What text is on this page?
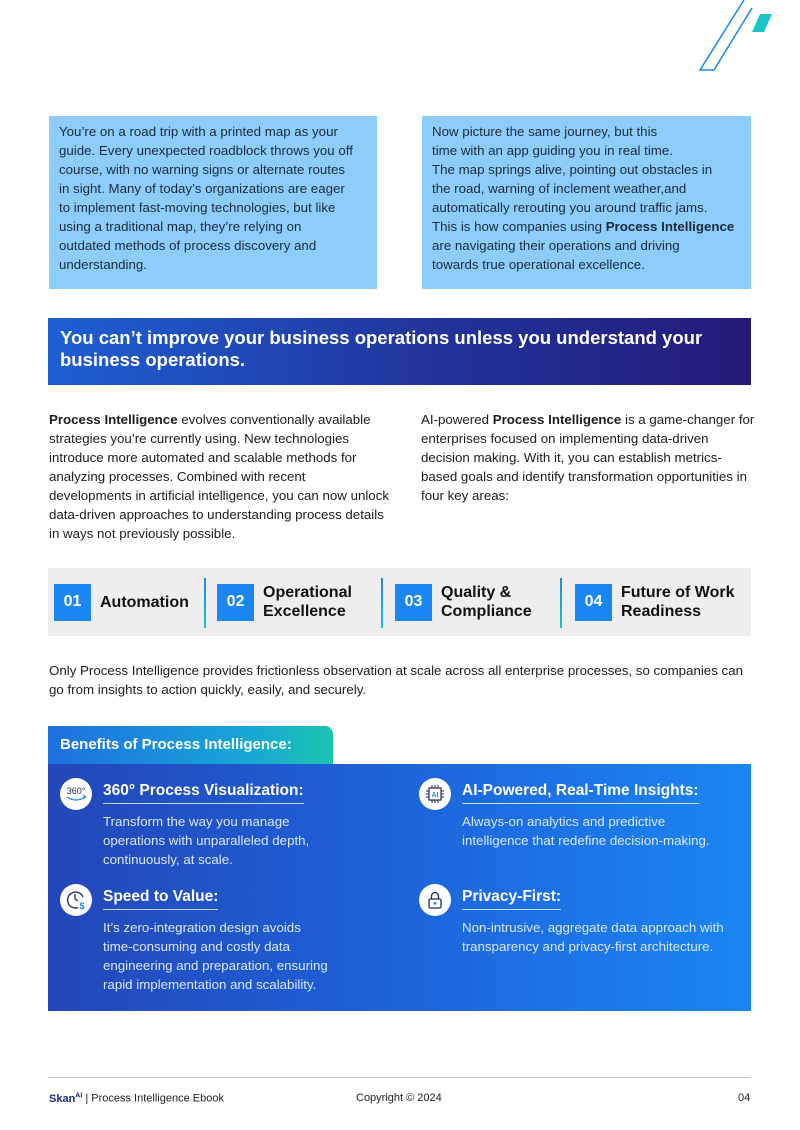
You’re on a road trip with a printed map as your
guide. Every unexpected roadblock throws you off
course, with no warning signs or alternate routes
in sight. Many of today’s organizations are eager
to implement fast-moving technologies, but like
using a traditional map, they’re relying on
outdated methods of process discovery and
understanding.

Now picture the same journey, but this
time with an app guiding you in real time.
The map springs alive, pointing out obstacles in
the road, warning of inclement weather,and
automatically rerouting you around traffic jams.
This is how companies using Process Intelligence
are navigating their operations and driving
towards true operational excellence.

You can’t improve your business operations unless you understand your business operations.
Process Intelligence evolves conventionally available strategies you’re currently using. New technologies introduce more automated and scalable methods for analyzing processes. Combined with recent developments in artificial intelligence, you can now unlock data-driven approaches to understanding process details in ways not previously possible.
AI-powered Process Intelligence is a game-changer for enterprises focused on implementing data-driven decision making. With it, you can establish metrics-based goals and identify transformation opportunities in four key areas:
01	Automation	02
Operational
Excellence
03
Quality &
Compliance
04
Future of Work
Readiness

Only Process Intelligence provides frictionless observation at scale across all enterprise processes, so companies can go from insights to action quickly, easily, and securely.

Benefits of Process Intelligence:
360° 360° Process Visualization:
Transform the way you manage
operations with unparalleled depth,
continuously, at scale.
AI AI-Powered, Real-Time Insights:
Always-on analytics and predictive
intelligence that redefine decision-making.
$
Speed to Value:
It’s zero-integration design avoids
time-consuming and costly data
engineering and preparation, ensuring
rapid implementation and scalability.
Privacy-First:
Non-intrusive, aggregate data approach with
transparency and privacy-first architecture.
Skan$^{AI}$ | Process Intelligence Ebook	Copyright © 2024	04
